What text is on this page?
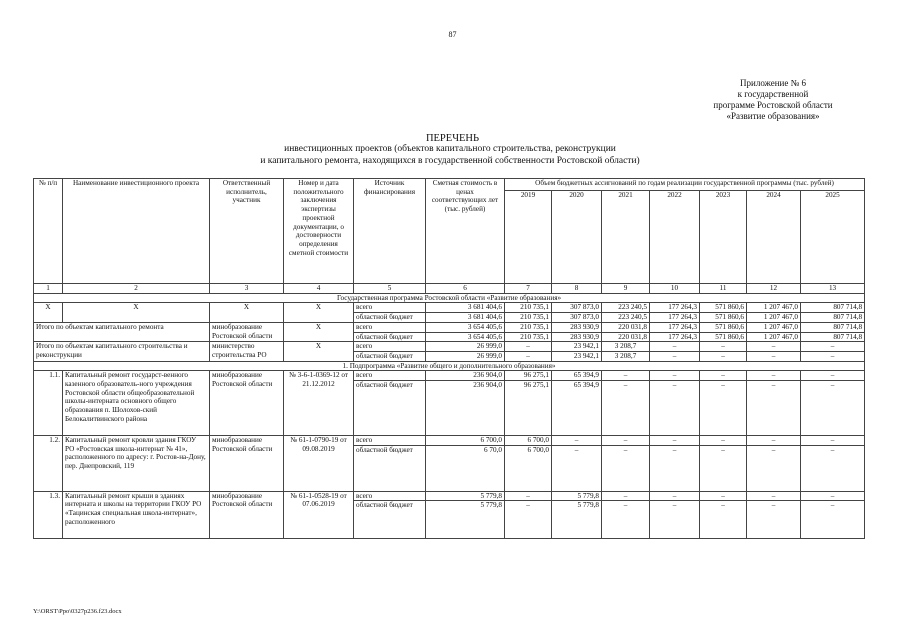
87
Приложение № 6
к государственной
программе Ростовской области
«Развитие образования»
ПЕРЕЧЕНЬ
инвестиционных проектов (объектов капитального строительства, реконструкции
и капитального ремонта, находящихся в государственной собственности Ростовской области)
№ п/п	Наименование инвестиционного проекта	Ответственный исполнитель, участник	Номер и дата положительного заключения экспертизы проектной документации, о достоверности определения сметной стоимости	Источник финансирования	Сметная стоимость в ценах соответствующих лет (тыс. рублей)	Объем бюджетных ассигнований по годам реализации государственной программы (тыс. рублей)						
						2019	2020	2021	2022	2023	2024	2025
1	2	3	4	5	6	7	8	9	10	11	12	13
Государственная программа Ростовской области «Развитие образования»												
Х	Х	Х	Х	всего	3 681 404,6	210 735,1	307 873,0	223 240,5	177 264,3	571 860,6	1 207 467,0	807 714,8
				областной бюджет	3 681 404,6	210 735,1	307 873,0	223 240,5	177 264,3	571 860,6	1 207 467,0	807 714,8
Итого по объектам капитального ремонта		минобразование Ростовской области	Х	всего	3 654 405,6	210 735,1	283 930,9	220 031,8	177 264,3	571 860,6	1 207 467,0	807 714,8
				областной бюджет	3 654 405,6	210 735,1	283 930,9	220 031,8	177 264,3	571 860,6	1 207 467,0	807 714,8
Итого по объектам капитального строительства и реконструкции		министерство строительства РО	Х	всего	26 999,0	–	23 942,1	3 208,7	–	–	–	–
				областной бюджет	26 999,0	–	23 942,1	3 208,7	–	–	–	–
1. Подпрограмма «Развитие общего и дополнительного образования»												
1.1.	Капитальный ремонт государст-венного казенного образователь-ного учреждения Ростовской области общеобразовательной школы-интерната основного общего образования п. Шолохов-ский Белокалитвинского района	минобразование Ростовской области	№ 3-6-1-0369-12 от 21.12.2012	всего	236 904,0	96 275,1	65 394,9	–	–	–	–	–
				областной бюджет	236 904,0	96 275,1	65 394,9	–	–	–	–	–
1.2.	Капитальный ремонт кровли здания ГКОУ РО «Ростовская школа-интернат № 41», расположенного по адресу: г. Ростов-на-Дону, пер. Днепровский, 119	минобразование Ростовской области	№ 61-1-0790-19 от 09.08.2019	всего	6 700,0	6 700,0	–	–	–	–	–	–
				областной бюджет	6 70,0	6 700,0	–	–	–	–	–	–
1.3.	Капитальный ремонт крыши в зданиях интерната и школы на территории ГКОУ РО «Тацинская специальная школа-интернат», расположенного	минобразование Ростовской области	№ 61-1-0528-19 от 07.06.2019	всего	5 779,8	–	5 779,8	–	–	–	–	–
				областной бюджет	5 779,8	–	5 779,8	–	–	–	–	–
Y:\ORST\Ppo\0327p236.f23.docx
